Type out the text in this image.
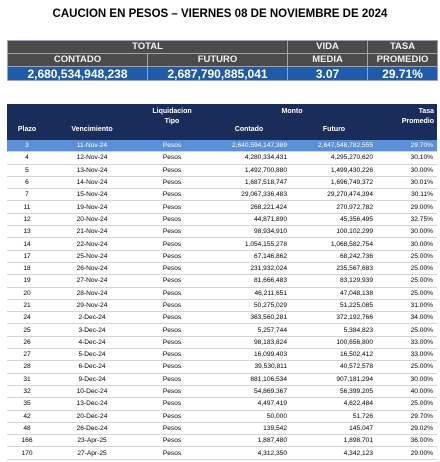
CAUCION EN PESOS – VIERNES 08 DE NOVIEMBRE DE 2024
TOTAL		VIDA	TASA
CONTADO	FUTURO	MEDIA	PROMEDIO
2,680,534,948,238	2,687,790,885,041	3.07	29.71%
		Liquidacion	Monto		Tasa
Plazo	Vencimiento	Tipo	Contado	Futuro	Promedio
3	11-Nov-24	Pesos	2,640,594,147,389	2,647,548,782,555	29.70%
4	12-Nov-24	Pesos	4,280,334,431	4,295,270,620	30.10%
5	13-Nov-24	Pesos	1,492,700,880	1,499,430,226	30.00%
6	14-Nov-24	Pesos	1,687,518,747	1,696,749,372	30.01%
7	15-Nov-24	Pesos	29,067,336,483	29,270,474,394	30.11%
11	19-Nov-24	Pesos	268,221,424	270,972,782	29.00%
12	20-Nov-24	Pesos	44,871,890	45,356,495	32.75%
13	21-Nov-24	Pesos	98,934,910	100,102,299	30.00%
14	22-Nov-24	Pesos	1,054,155,278	1,068,582,754	30.00%
17	25-Nov-24	Pesos	67,146,862	68,242,736	25.00%
18	26-Nov-24	Pesos	231,932,024	235,567,683	25.00%
19	27-Nov-24	Pesos	81,666,483	83,129,939	25.00%
20	28-Nov-24	Pesos	46,211,651	47,048,138	25.00%
21	29-Nov-24	Pesos	50,275,029	51,225,085	31.00%
24	2-Dec-24	Pesos	363,560,281	372,192,766	34.00%
25	3-Dec-24	Pesos	5,257,744	5,384,823	25.00%
26	4-Dec-24	Pesos	98,183,824	100,656,800	33.00%
27	5-Dec-24	Pesos	16,099,403	16,502,412	33.00%
28	6-Dec-24	Pesos	39,530,811	40,572,578	25.00%
31	9-Dec-24	Pesos	881,106,534	907,181,294	30.00%
32	10-Dec-24	Pesos	54,869,367	56,399,205	40.00%
35	13-Dec-24	Pesos	4,497,419	4,622,484	25.00%
42	20-Dec-24	Pesos	50,000	51,726	29.70%
48	26-Dec-24	Pesos	139,542	145,047	29.02%
166	23-Apr-25	Pesos	1,887,480	1,898,701	36.00%
170	27-Apr-25	Pesos	4,312,350	4,342,123	29.00%
